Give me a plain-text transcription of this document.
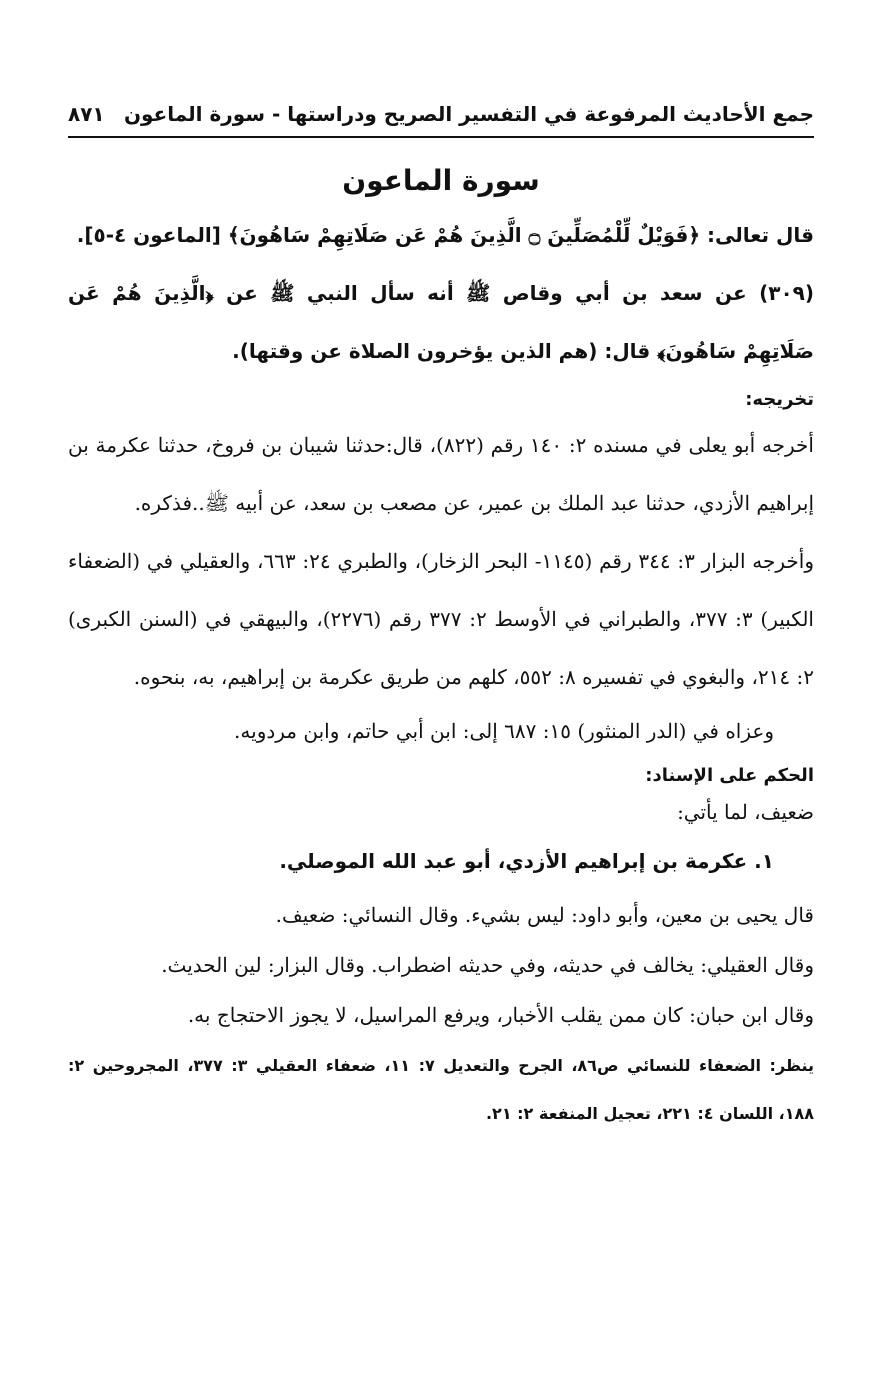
جمع الأحاديث المرفوعة في التفسير الصريح ودراستها - سورة الماعون
٨٧١
سورة الماعون

قال تعالى: ﴿فَوَيْلٌ لِّلْمُصَلِّينَ ۝ الَّذِينَ هُمْ عَن صَلَاتِهِمْ سَاهُونَ﴾ [الماعون ٤-٥].

(٣٠٩) عن سعد بن أبي وقاص ﷺ أنه سأل النبي ﷺ عن ﴿الَّذِينَ هُمْ عَن صَلَاتِهِمْ سَاهُونَ﴾ قال: (هم الذين يؤخرون الصلاة عن وقتها).

تخريجه:

أخرجه أبو يعلى في مسنده ٢: ١٤٠ رقم (٨٢٢)، قال:حدثنا شيبان بن فروخ، حدثنا عكرمة بن إبراهيم الأزدي، حدثنا عبد الملك بن عمير، عن مصعب بن سعد، عن أبيه ﷺ..فذكره.

وأخرجه البزار ٣: ٣٤٤ رقم (١١٤٥- البحر الزخار)، والطبري ٢٤: ٦٦٣، والعقيلي في (الضعفاء الكبير) ٣: ٣٧٧، والطبراني في الأوسط ٢: ٣٧٧ رقم (٢٢٧٦)، والبيهقي في (السنن الكبرى) ٢: ٢١٤، والبغوي في تفسيره ٨: ٥٥٢، كلهم من طريق عكرمة بن إبراهيم، به، بنحوه.

وعزاه في (الدر المنثور) ١٥: ٦٨٧ إلى: ابن أبي حاتم، وابن مردويه.

الحكم على الإسناد:

ضعيف، لما يأتي:

١. عكرمة بن إبراهيم الأزدي، أبو عبد الله الموصلي.

قال يحيى بن معين، وأبو داود: ليس بشيء. وقال النسائي: ضعيف.

وقال العقيلي: يخالف في حديثه، وفي حديثه اضطراب. وقال البزار: لين الحديث.

وقال ابن حبان: كان ممن يقلب الأخبار، ويرفع المراسيل، لا يجوز الاحتجاج به.

ينظر: الضعفاء للنسائي ص٨٦، الجرح والتعديل ٧: ١١، ضعفاء العقيلي ٣: ٣٧٧، المجروحين ٢: ١٨٨، اللسان ٤: ٢٢١، تعجيل المنفعة ٢: ٢١.
